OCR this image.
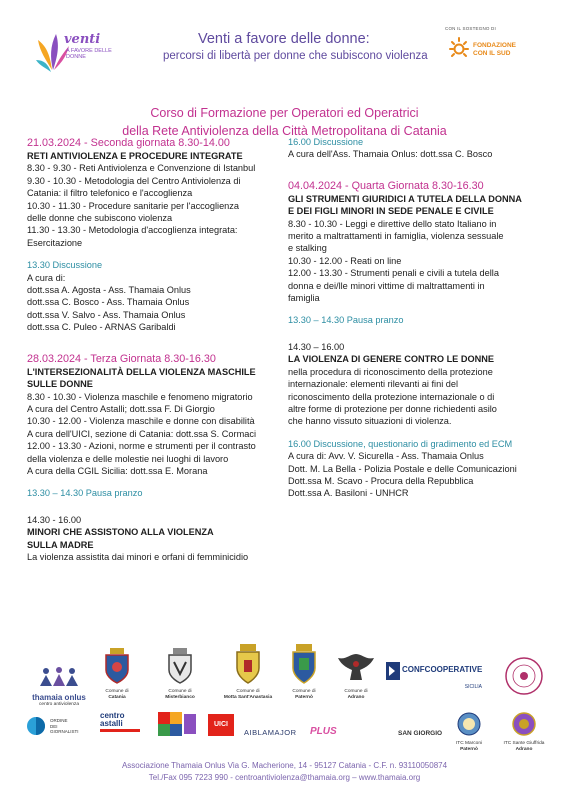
venti
A FAVORE DELLE DONNE
Venti a favore delle donne:
percorsi di libertà per donne che subiscono violenza
CON IL SOSTEGNO DI
FONDAZIONE
CON IL SUD
Corso di Formazione per Operatori ed Operatrici
della Rete Antiviolenza della Città Metropolitana di Catania
21.03.2024 - Seconda giornata 8.30-14.00
RETI ANTIVIOLENZA E PROCEDURE INTEGRATE
8.30 - 9.30 - Reti Antiviolenza e Convenzione di Istanbul
9.30 - 10.30 - Metodologia del Centro Antiviolenza di
Catania: il filtro telefonico e l'accoglienza
10.30 - 11.30 - Procedure sanitarie per l'accoglienza
delle donne che subiscono violenza
11.30 - 13.30 - Metodologia d'accoglienza integrata:
Esercitazione
13.30 Discussione
A cura di:
dott.ssa A. Agosta - Ass. Thamaia Onlus
dott.ssa C. Bosco - Ass. Thamaia Onlus
dott.ssa V. Salvo - Ass. Thamaia Onlus
dott.ssa C. Puleo - ARNAS Garibaldi
28.03.2024 - Terza Giornata 8.30-16.30
L'INTERSEZIONALITÀ DELLA VIOLENZA MASCHILE
SULLE DONNE
8.30 - 10.30 - Violenza maschile e fenomeno migratorio
A cura del Centro Astalli; dott.ssa F. Di Giorgio
10.30 - 12.00 - Violenza maschile e donne con disabilità
A cura dell'UICI, sezione di Catania: dott.ssa S. Cormaci
12.00 - 13.30 - Azioni, norme e strumenti per il contrasto
della violenza e delle molestie nei luoghi di lavoro
A cura della CGIL Sicilia: dott.ssa E. Morana
13.30 – 14.30 Pausa pranzo
14.30 - 16.00
MINORI CHE ASSISTONO ALLA VIOLENZA
SULLA MADRE
La violenza assistita dai minori e orfani di femminicidio
16.00 Discussione
A cura dell'Ass. Thamaia Onlus: dott.ssa C. Bosco
04.04.2024 - Quarta Giornata 8.30-16.30
GLI STRUMENTI GIURIDICI A TUTELA DELLA DONNA
E DEI FIGLI MINORI IN SEDE PENALE E CIVILE
8.30 - 10.30 - Leggi e direttive dello stato Italiano in
merito a maltrattamenti in famiglia, violenza sessuale
e stalking
10.30 - 12.00 - Reati on line
12.00 - 13.30 - Strumenti penali e civili a tutela della
donna e dei/lle minori vittime di maltrattamenti in
famiglia
13.30 – 14.30 Pausa pranzo
14.30 – 16.00
LA VIOLENZA DI GENERE CONTRO LE DONNE
nella procedura di riconoscimento della protezione
internazionale: elementi rilevanti ai fini del
riconoscimento della protezione internazionale o di
altre forme di protezione per donne richiedenti asilo
che hanno vissuto situazioni di violenza.
16.00 Discussione, questionario di gradimento ed ECM
A cura di: Avv. V. Sicurella - Ass. Thamaia Onlus
Dott. M. La Bella - Polizia Postale e delle Comunicazioni
Dott.ssa M. Scavo - Procura della Repubblica
Dott.ssa A. Basiloni - UNHCR
thamaia onlus
centro antiviolenza
Comune di
Catania
Comune di
Misterbianco
Comune di
Motta Sant'Anastasia
Comune di
Paternò
Comune di
Adrano
CONFCOOPERATIVE
SICILIA
ORDINE
DEI
GIORNALISTI
centro
astalli	UICI
AIBLAMAJOR PLUS	SAN GIORGIO
ITC Marconi
Paternò
ITC Sante Giuffrida
Adrano
Associazione Thamaia Onlus Via G. Macherione, 14 - 95127 Catania - C.F. n. 93110050874
Tel./Fax 095 7223 990 - centroantiviolenza@thamaia.org – www.thamaia.org
